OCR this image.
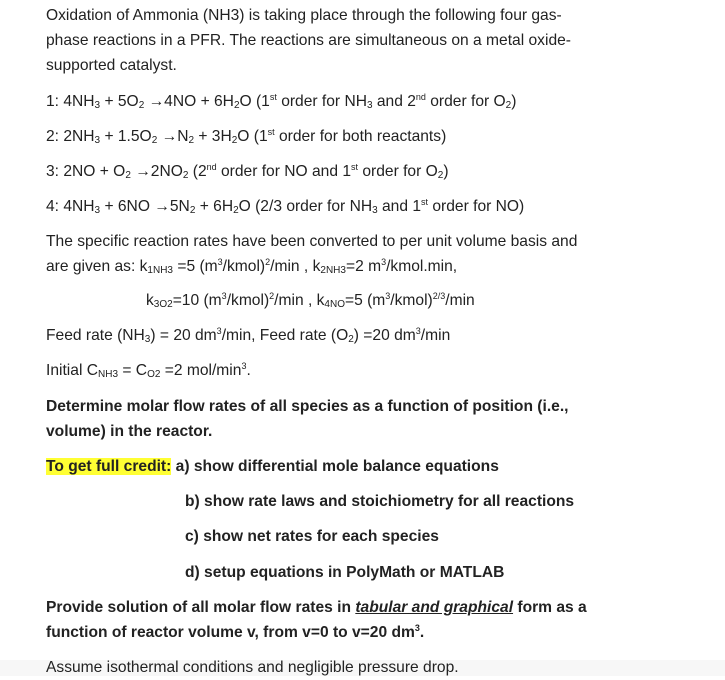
Oxidation of Ammonia (NH3) is taking place through the following four gas-
phase reactions in a PFR. The reactions are simultaneous on a metal oxide-
supported catalyst.
1: $4NH_3 + 5O_2 \to 4NO + 6H_2O$ (1st order for $NH_3$ and 2nd order for $O_2$)
2: $2NH_3 + 1.5O_2 \to N_2 + 3H_2O$ (1st order for both reactants)
3: $2NO + O_2 \to 2NO_2$ (2nd order for NO and 1st order for $O_2$)
4: $4NH_3 + 6NO \to 5N_2 + 6H_2O$ (2/3 order for $NH_3$ and 1st order for NO)
The specific reaction rates have been converted to per unit volume basis and
are given as: $k_{1NH3} =5$ $(m^3/kmol)^2/\min$ , $k_{2NH3}=2$ $m^3/kmol.\min$,
$k_{3O2}=10$ $(m^3/kmol)^2/\min$ , $k_{4NO}=5$ $(m^3/kmol)^{2/3}/\min$
Feed rate $(NH_3) = 20$ $dm^3/\min$, Feed rate $(O_2) =20$ $dm^3/\min$
Initial $C_{NH3} = C_{O2} =2$ mol/$\min^3$.
Determine molar flow rates of all species as a function of position (i.e.,
volume) in the reactor.
To get full credit: a) show differential mole balance equations
b) show rate laws and stoichiometry for all reactions
c) show net rates for each species
d) setup equations in PolyMath or MATLAB
Provide solution of all molar flow rates in tabular and graphical form as a
function of reactor volume v, from v=0 to v=20 $dm^3$.
Assume isothermal conditions and negligible pressure drop.
